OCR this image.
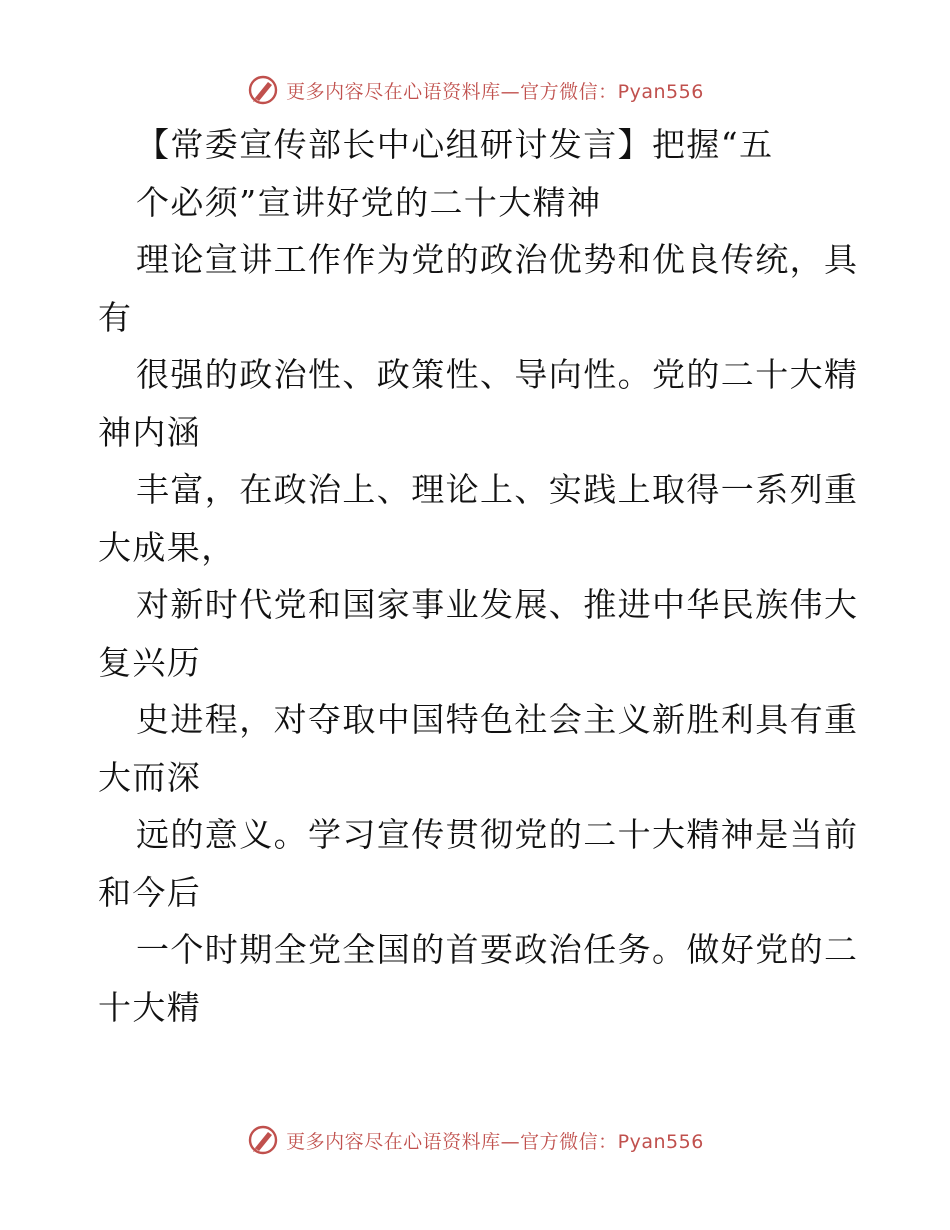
更多内容尽在心语资料库—官方微信：Pyan556
【常委宣传部长中心组研讨发言】把握“五
个必须”宣讲好党的二十大精神
理论宣讲工作作为党的政治优势和优良传统，具
有
很强的政治性、政策性、导向性。党的二十大精
神内涵
丰富，在政治上、理论上、实践上取得一系列重
大成果，
对新时代党和国家事业发展、推进中华民族伟大
复兴历
史进程，对夺取中国特色社会主义新胜利具有重
大而深
远的意义。学习宣传贯彻党的二十大精神是当前
和今后
一个时期全党全国的首要政治任务。做好党的二
十大精
更多内容尽在心语资料库—官方微信：Pyan556
